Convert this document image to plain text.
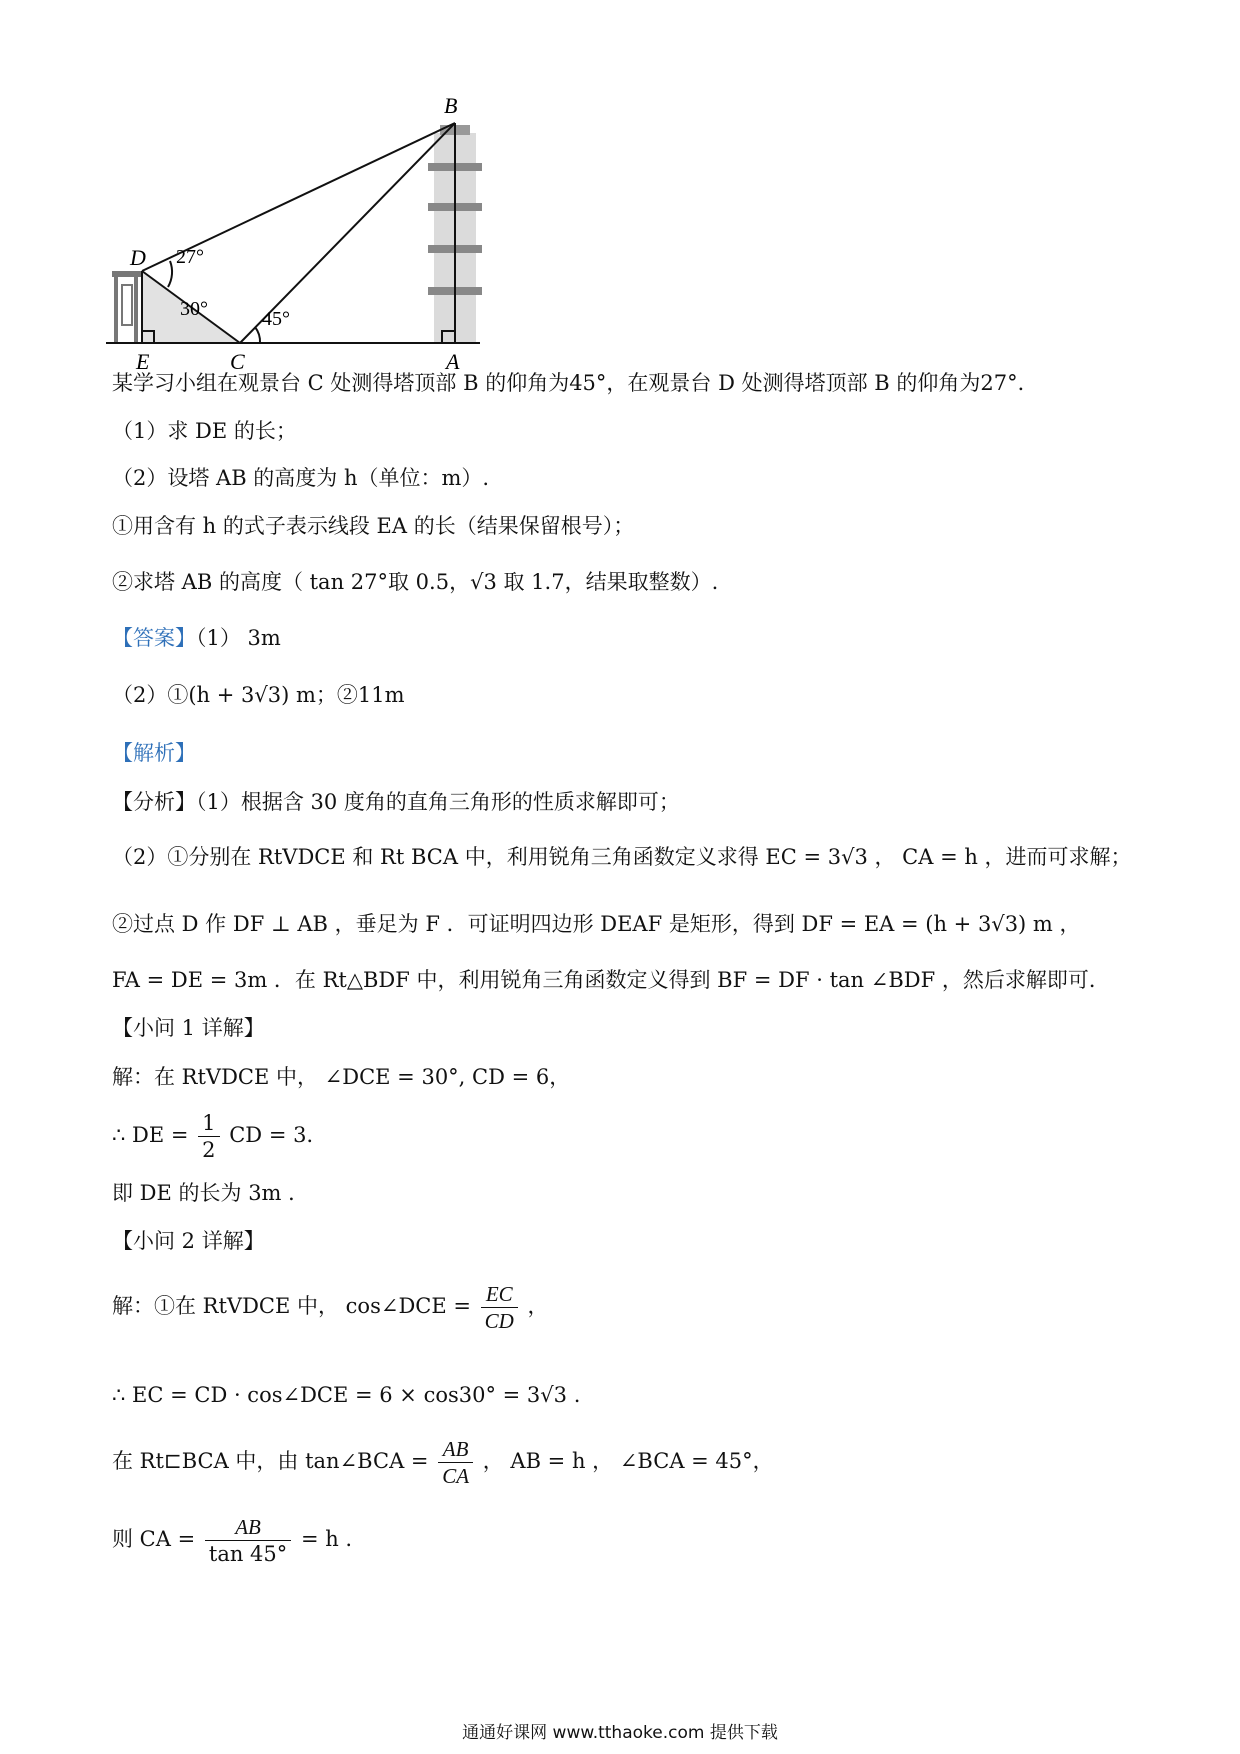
B
D
E	C	A
27°
30°	45°
某学习小组在观景台 C 处测得塔顶部 B 的仰角为45°，在观景台 D 处测得塔顶部 B 的仰角为27°．
（1）求 DE 的长；
（2）设塔 AB 的高度为 h（单位：m）.
①用含有 h 的式子表示线段 EA 的长（结果保留根号）；
②求塔 AB 的高度（ tan 27°取 0.5，√3 取 1.7，结果取整数）.
【答案】（1） 3m
（2）①(h + 3√3) m；②11m
【解析】
【分析】（1）根据含 30 度角的直角三角形的性质求解即可；
（2）①分别在 RtVDCE 和 Rt BCA 中，利用锐角三角函数定义求得 EC = 3√3 ， CA = h ，进而可求解；
②过点 D 作 DF ⊥ AB ，垂足为 F ．可证明四边形 DEAF 是矩形，得到 DF = EA = (h + 3√3) m ，
FA = DE = 3m ．在 Rt△BDF 中，利用锐角三角函数定义得到 BF = DF · tan ∠BDF ，然后求解即可．
【小问 1 详解】
解：在 RtVDCE 中， ∠DCE = 30°, CD = 6，
∴ DE = $\frac{1}{2}$ CD = 3．
即 DE 的长为 3m ．
【小问 2 详解】
解：①在 RtVDCE 中， cos∠DCE = $\frac{EC}{CD}$ ，
∴ EC = CD · cos∠DCE = 6 × cos30° = 3√3 .
在 Rt⊏BCA 中，由 tan∠BCA = $\frac{AB}{CA}$ ， AB = h ， ∠BCA = 45°，
则 CA = $\frac{AB}{\tan 45^\circ} = h$ .
通通好课网 www.tthaoke.com 提供下载
